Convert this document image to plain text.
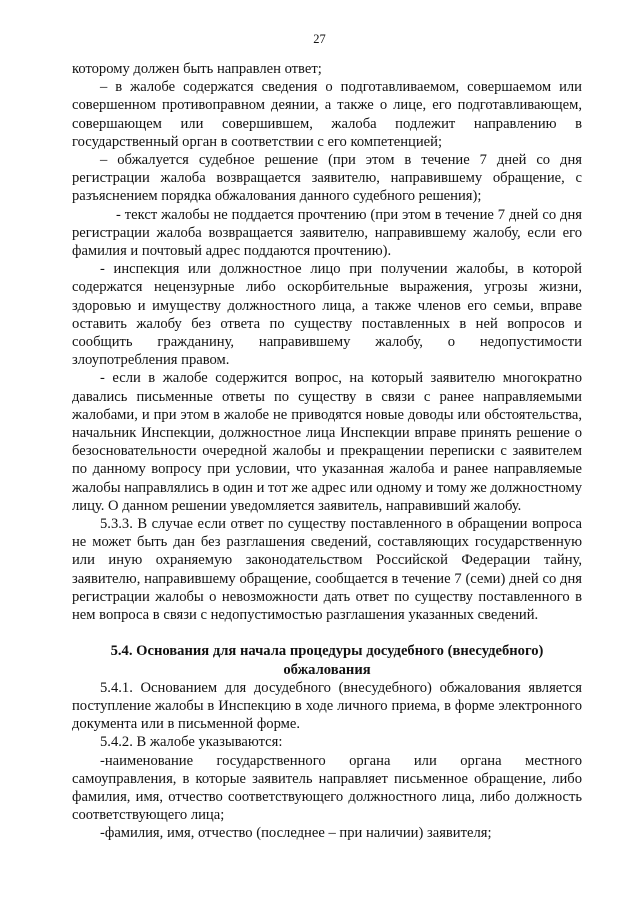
27

которому должен быть направлен ответ;

– в жалобе содержатся сведения о подготавливаемом, совершаемом или совершенном противоправном деянии, а также о лице, его подготавливающем, совершающем или совершившем, жалоба подлежит направлению в государственный орган в соответствии с его компетенцией;

– обжалуется судебное решение (при этом в течение 7 дней со дня регистрации жалоба возвращается заявителю, направившему обращение, с разъяснением порядка обжалования данного судебного решения);

- текст жалобы не поддается прочтению (при этом в течение 7 дней со дня регистрации жалоба возвращается заявителю, направившему жалобу, если его фамилия и почтовый адрес поддаются прочтению).

- инспекция или должностное лицо при получении жалобы, в которой содержатся нецензурные либо оскорбительные выражения, угрозы жизни, здоровью и имуществу должностного лица, а также членов его семьи, вправе оставить жалобу без ответа по существу поставленных в ней вопросов и сообщить гражданину, направившему жалобу, о недопустимости злоупотребления правом.

- если в жалобе содержится вопрос, на который заявителю многократно давались письменные ответы по существу в связи с ранее направляемыми жалобами, и при этом в жалобе не приводятся новые доводы или обстоятельства, начальник Инспекции, должностное лица Инспекции вправе принять решение о безосновательности очередной жалобы и прекращении переписки с заявителем по данному вопросу при условии, что указанная жалоба и ранее направляемые жалобы направлялись в один и тот же адрес или одному и тому же должностному лицу. О данном решении уведомляется заявитель, направивший жалобу.

5.3.3. В случае если ответ по существу поставленного в обращении вопроса не может быть дан без разглашения сведений, составляющих государственную или иную охраняемую законодательством Российской Федерации тайну, заявителю, направившему обращение, сообщается в течение 7 (семи) дней со дня регистрации жалобы о невозможности дать ответ по существу поставленного в нем вопроса в связи с недопустимостью разглашения указанных сведений.

5.4. Основания для начала процедуры досудебного (внесудебного) обжалования

5.4.1. Основанием для досудебного (внесудебного) обжалования является поступление жалобы в Инспекцию в ходе личного приема, в форме электронного документа или в письменной форме.

5.4.2. В жалобе указываются:

-наименование государственного органа или органа местного самоуправления, в которые заявитель направляет письменное обращение, либо фамилия, имя, отчество соответствующего должностного лица, либо должность соответствующего лица;

-фамилия, имя, отчество (последнее – при наличии) заявителя;
